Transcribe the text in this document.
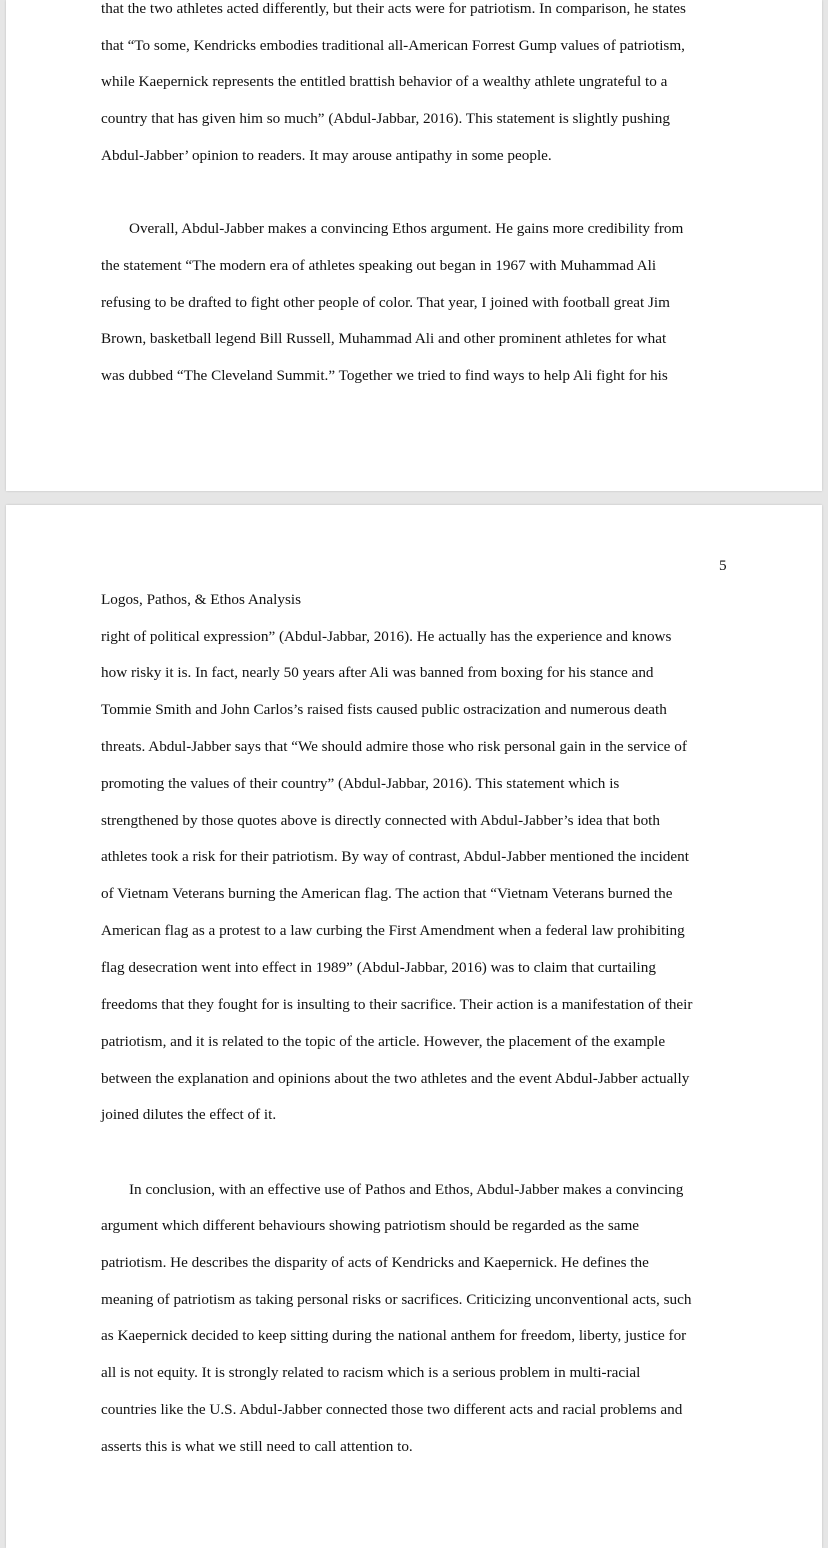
that the two athletes acted differently, but their acts were for patriotism. In comparison, he states
that “To some, Kendricks embodies traditional all-American Forrest Gump values of patriotism,
while Kaepernick represents the entitled brattish behavior of a wealthy athlete ungrateful to a
country that has given him so much” (Abdul-Jabbar, 2016). This statement is slightly pushing
Abdul-Jabber’ opinion to readers. It may arouse antipathy in some people.
Overall, Abdul-Jabber makes a convincing Ethos argument. He gains more credibility from
the statement “The modern era of athletes speaking out began in 1967 with Muhammad Ali
refusing to be drafted to fight other people of color. That year, I joined with football great Jim
Brown, basketball legend Bill Russell, Muhammad Ali and other prominent athletes for what
was dubbed “The Cleveland Summit.” Together we tried to find ways to help Ali fight for his
5
Logos, Pathos, & Ethos Analysis
right of political expression” (Abdul-Jabbar, 2016). He actually has the experience and knows
how risky it is. In fact, nearly 50 years after Ali was banned from boxing for his stance and
Tommie Smith and John Carlos’s raised fists caused public ostracization and numerous death
threats. Abdul-Jabber says that “We should admire those who risk personal gain in the service of
promoting the values of their country” (Abdul-Jabbar, 2016). This statement which is
strengthened by those quotes above is directly connected with Abdul-Jabber’s idea that both
athletes took a risk for their patriotism. By way of contrast, Abdul-Jabber mentioned the incident
of Vietnam Veterans burning the American flag. The action that “Vietnam Veterans burned the
American flag as a protest to a law curbing the First Amendment when a federal law prohibiting
flag desecration went into effect in 1989” (Abdul-Jabbar, 2016) was to claim that curtailing
freedoms that they fought for is insulting to their sacrifice. Their action is a manifestation of their
patriotism, and it is related to the topic of the article. However, the placement of the example
between the explanation and opinions about the two athletes and the event Abdul-Jabber actually
joined dilutes the effect of it.
In conclusion, with an effective use of Pathos and Ethos, Abdul-Jabber makes a convincing
argument which different behaviours showing patriotism should be regarded as the same
patriotism. He describes the disparity of acts of Kendricks and Kaepernick. He defines the
meaning of patriotism as taking personal risks or sacrifices. Criticizing unconventional acts, such
as Kaepernick decided to keep sitting during the national anthem for freedom, liberty, justice for
all is not equity. It is strongly related to racism which is a serious problem in multi-racial
countries like the U.S. Abdul-Jabber connected those two different acts and racial problems and
asserts this is what we still need to call attention to.
